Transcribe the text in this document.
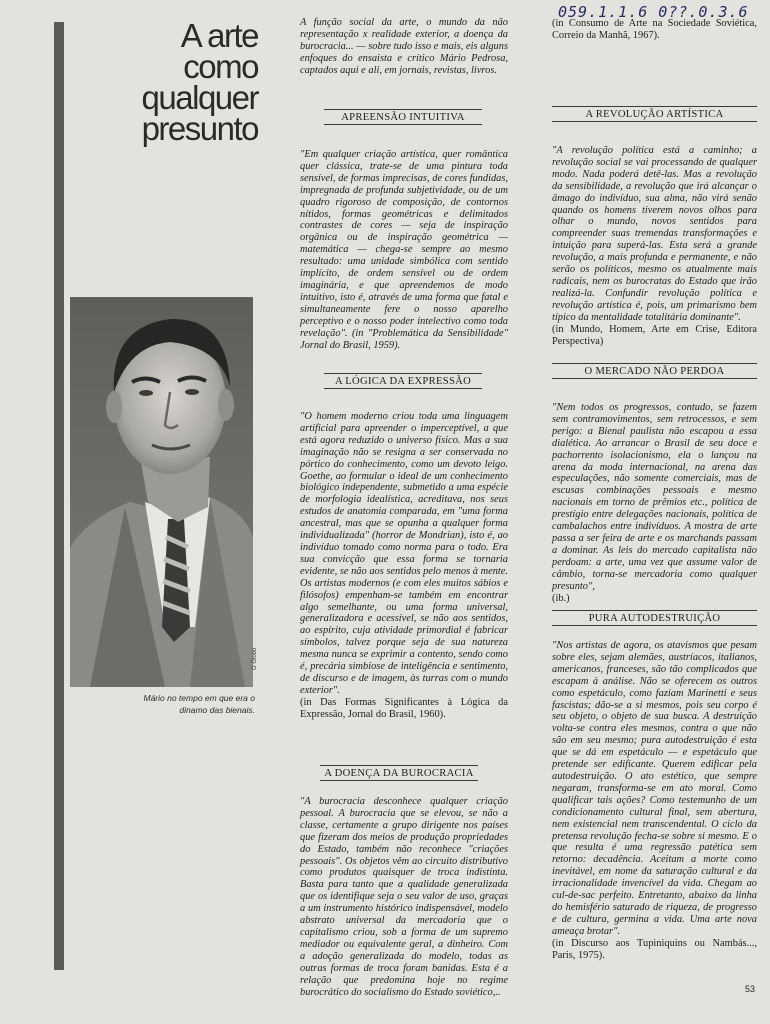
059.1.1.6 0??.0.3.6
A arte
como
qualquer
presunto
O Globo
Mário no tempo em que era o dinamo das bienais.
A função social da arte, o mundo da não representação x realidade exterior, a doença da burocracia... — sobre tudo isso e mais, eis alguns enfoques do ensaista e crítico Mário Pedrosa, captados aqui e ali, em jornais, revistas, livros.
APREENSÃO INTUITIVA

"Em qualquer criação artística, quer romântica quer clássica, trate-se de uma pintura toda sensível, de formas imprecisas, de cores fundidas, impregnada de profunda subjetividade, ou de um quadro rigoroso de composição, de contornos nítidos, formas geométricas e delimitados contrastes de cores — seja de inspiração orgânica ou de inspiração geométrica — matemática — chega-se sempre ao mesmo resultado: uma unidade simbólica com sentido implícito, de ordem sensível ou de ordem imaginária, e que apreendemos de modo intuitivo, isto é, através de uma forma que fatal e simultaneamente fere o nosso aparelho perceptivo e o nosso poder intelectivo como toda revelação". (in "Problemática da Sensibilidade" Jornal do Brasil, 1959).

A LÓGICA DA EXPRESSÃO

"O homem moderno criou toda uma linguagem artificial para apreender o imperceptível, a que está agora reduzido o universo físico. Mas a sua imaginação não se resigna a ser conservada no pórtico do conhecimento, como um devoto leigo. Goethe, ao formular o ideal de um conhecimento biológico independente, submetido a uma espécie de morfologia idealística, acreditava, nos seus estudos de anatomia comparada, em "uma forma ancestral, mas que se opunha a qualquer forma individualizada" (horror de Mondrian), isto é, ao indivíduo tomado como norma para o todo. Era sua convicção que essa forma se tornaria evidente, se não aos sentidos pelo menos à mente. Os artistas modernos (e com eles muitos sábios e filósofos) empenham-se também em encontrar algo semelhante, ou uma forma universal, generalizadora e acessível, se não aos sentidos, ao espírito, cuja atividade primordial é fabricar símbolos, talvez porque seja de sua natureza mesma nunca se exprimir a contento, sendo como é, precária simbiose de inteligência e sentimento, de discurso e de imagem, às turras com o mundo exterior".

(in Das Formas Significantes à Lógica da Expressão, Jornal do Brasil, 1960).

A DOENÇA DA BUROCRACIA

"A burocracia desconhece qualquer criação pessoal. A burocracia que se elevou, se não a classe, certamente a grupo dirigente nos países que fizeram dos meios de produção propriedades do Estado, também não reconhece "criações pessoais". Os objetos vêm ao circuito distributivo como produtos quaisquer de troca indistinta. Basta para tanto que a qualidade generalizada que os identifique seja o seu valor de uso, graças a um instrumento histórico indispensável, modelo abstrato universal da mercadoria que o capitalismo criou, sob a forma de um supremo mediador ou equivalente geral, a dinheiro. Com a adoção generalizada do modelo, todas as outras formas de troca foram banidas. Esta é a relação que predomina hoje no regime burocrático do socialismo do Estado soviético,..

(in Consumo de Arte na Sociedade Soviética, Correio da Manhã, 1967).

A REVOLUÇÃO ARTÍSTICA

"A revolução política está a caminho; a revolução social se vai processando de qualquer modo. Nada poderá detê-las. Mas a revolução da sensibilidade, a revolução que irá alcançar o âmago do indivíduo, sua alma, não virá senão quando os homens tiverem novos olhos para olhar o mundo, novos sentidos para compreender suas tremendas transformações e intuição para superá-las. Esta será a grande revolução, a mais profunda e permanente, e não serão os políticos, mesmo os atualmente mais radicais, nem os burocratas do Estado que irão realizá-la. Confundir revolução política e revolução artística é, pois, um primarismo bem típico da mentalidade totalitária dominante".

(in Mundo, Homem, Arte em Crise, Editora Perspectiva)

O MERCADO NÃO PERDOA

"Nem todos os progressos, contudo, se fazem sem contramovimentos, sem retrocessos, e sem perigo: a Bienal paulista não escapou a essa dialética. Ao arrancar o Brasil de seu doce e pachorrento isolacionismo, ela o lançou na arena da moda internacional, na arena das especulações, não somente comerciais, mas de escusas combinações pessoais e mesmo nacionais em torno de prêmios etc., política de prestígio entre delegações nacionais, política de cambalachos entre indivíduos. A mostra de arte passa a ser feira de arte e os marchands passam a dominar. As leis do mercado capitalista não perdoam: a arte, uma vez que assume valor de câmbio, torna-se mercadoria como qualquer presunto",

(ib.)

PURA AUTODESTRUIÇÃO

"Nos artistas de agora, os atavismos que pesam sobre eles, sejam alemães, austríacos, italianos, americanos, franceses, são tão complicados que escapam à análise. Não se oferecem os outros como espetáculo, como faziam Marinetti e seus fascistas; dão-se a si mesmos, pois seu corpo é seu objeto, o objeto de sua busca. A destruição volta-se contra eles mesmos, contra o que não são em seu mesmo; pura autodestruição é esta que se dá em espetáculo — e espetáculo que pretende ser edificante. Querem edificar pela autodestruição. O ato estético, que sempre negaram, transforma-se em ato moral. Como qualificar tais ações? Como testemunho de um condicionamento cultural final, sem abertura, nem existencial nem transcendental. O ciclo da pretensa revolução fecha-se sobre si mesmo. E o que resulta é uma regressão patética sem retorno: decadência. Aceitam a morte como inevitável, em nome da saturação cultural e da irracionalidade invencível da vida. Chegam ao cul-de-sac perfeito. Entretanto, abaixo da linha do hemisfério saturado de riqueza, de progresso e de cultura, germina a vida. Uma arte nova ameaça brotar".

(in Discurso aos Tupiniquins ou Nambás..., Paris, 1975).

53
